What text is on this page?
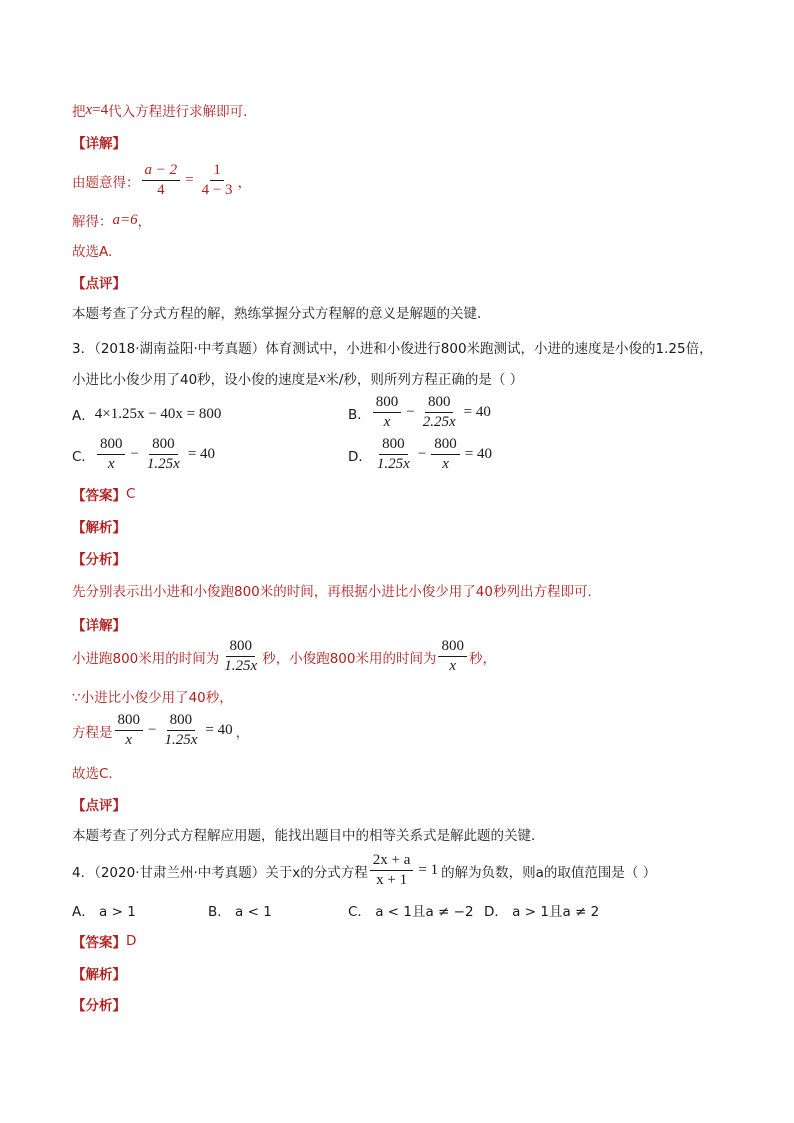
把 x =4 代入方程进行求解即可.
【详解】
由题意得： $\frac{a - 2}{4} = \frac{1}{4 - 3}$ ，
解得： a=6 ，
故选A.
【点评】
本题考查了分式方程的解，熟练掌握分式方程解的意义是解题的关键.
3．（2018·湖南益阳·中考真题）体育测试中，小进和小俊进行800米跑测试，小进的速度是小俊的1.25倍，
小进比小俊少用了40秒，设小俊的速度是 x 米/秒，则所列方程正确的是（ ）
A． 4×1.25x − 40x = 800	B． $\frac{800}{x} - \frac{800}{2.25x} = 40$
C． $\frac{800}{x} - \frac{800}{1.25x} = 40$	D． $\frac{800}{1.25x} - \frac{800}{x} = 40$
【答案】 C
【解析】
【分析】
先分别表示出小进和小俊跑800米的时间，再根据小进比小俊少用了40秒列出方程即可．
【详解】
小进跑800米用的时间为 $\frac{800}{1.25x}$ 秒，小俊跑800米用的时间为 $\frac{800}{x}$ 秒，
∵小进比小俊少用了40秒，
方程是 $\frac{800}{x} - \frac{800}{1.25x} = 40$ ，
故选C．
【点评】
本题考查了列分式方程解应用题，能找出题目中的相等关系式是解此题的关键．
4．（2020·甘肃兰州·中考真题）关于x的分式方程 $\frac{2x + a}{x + 1} = 1$ 的解为负数，则a的取值范围是（ ）
A． a > 1	B． a < 1	C． a < 1且a ≠ −2 D． a > 1且a ≠ 2
【答案】 D
【解析】
【分析】
